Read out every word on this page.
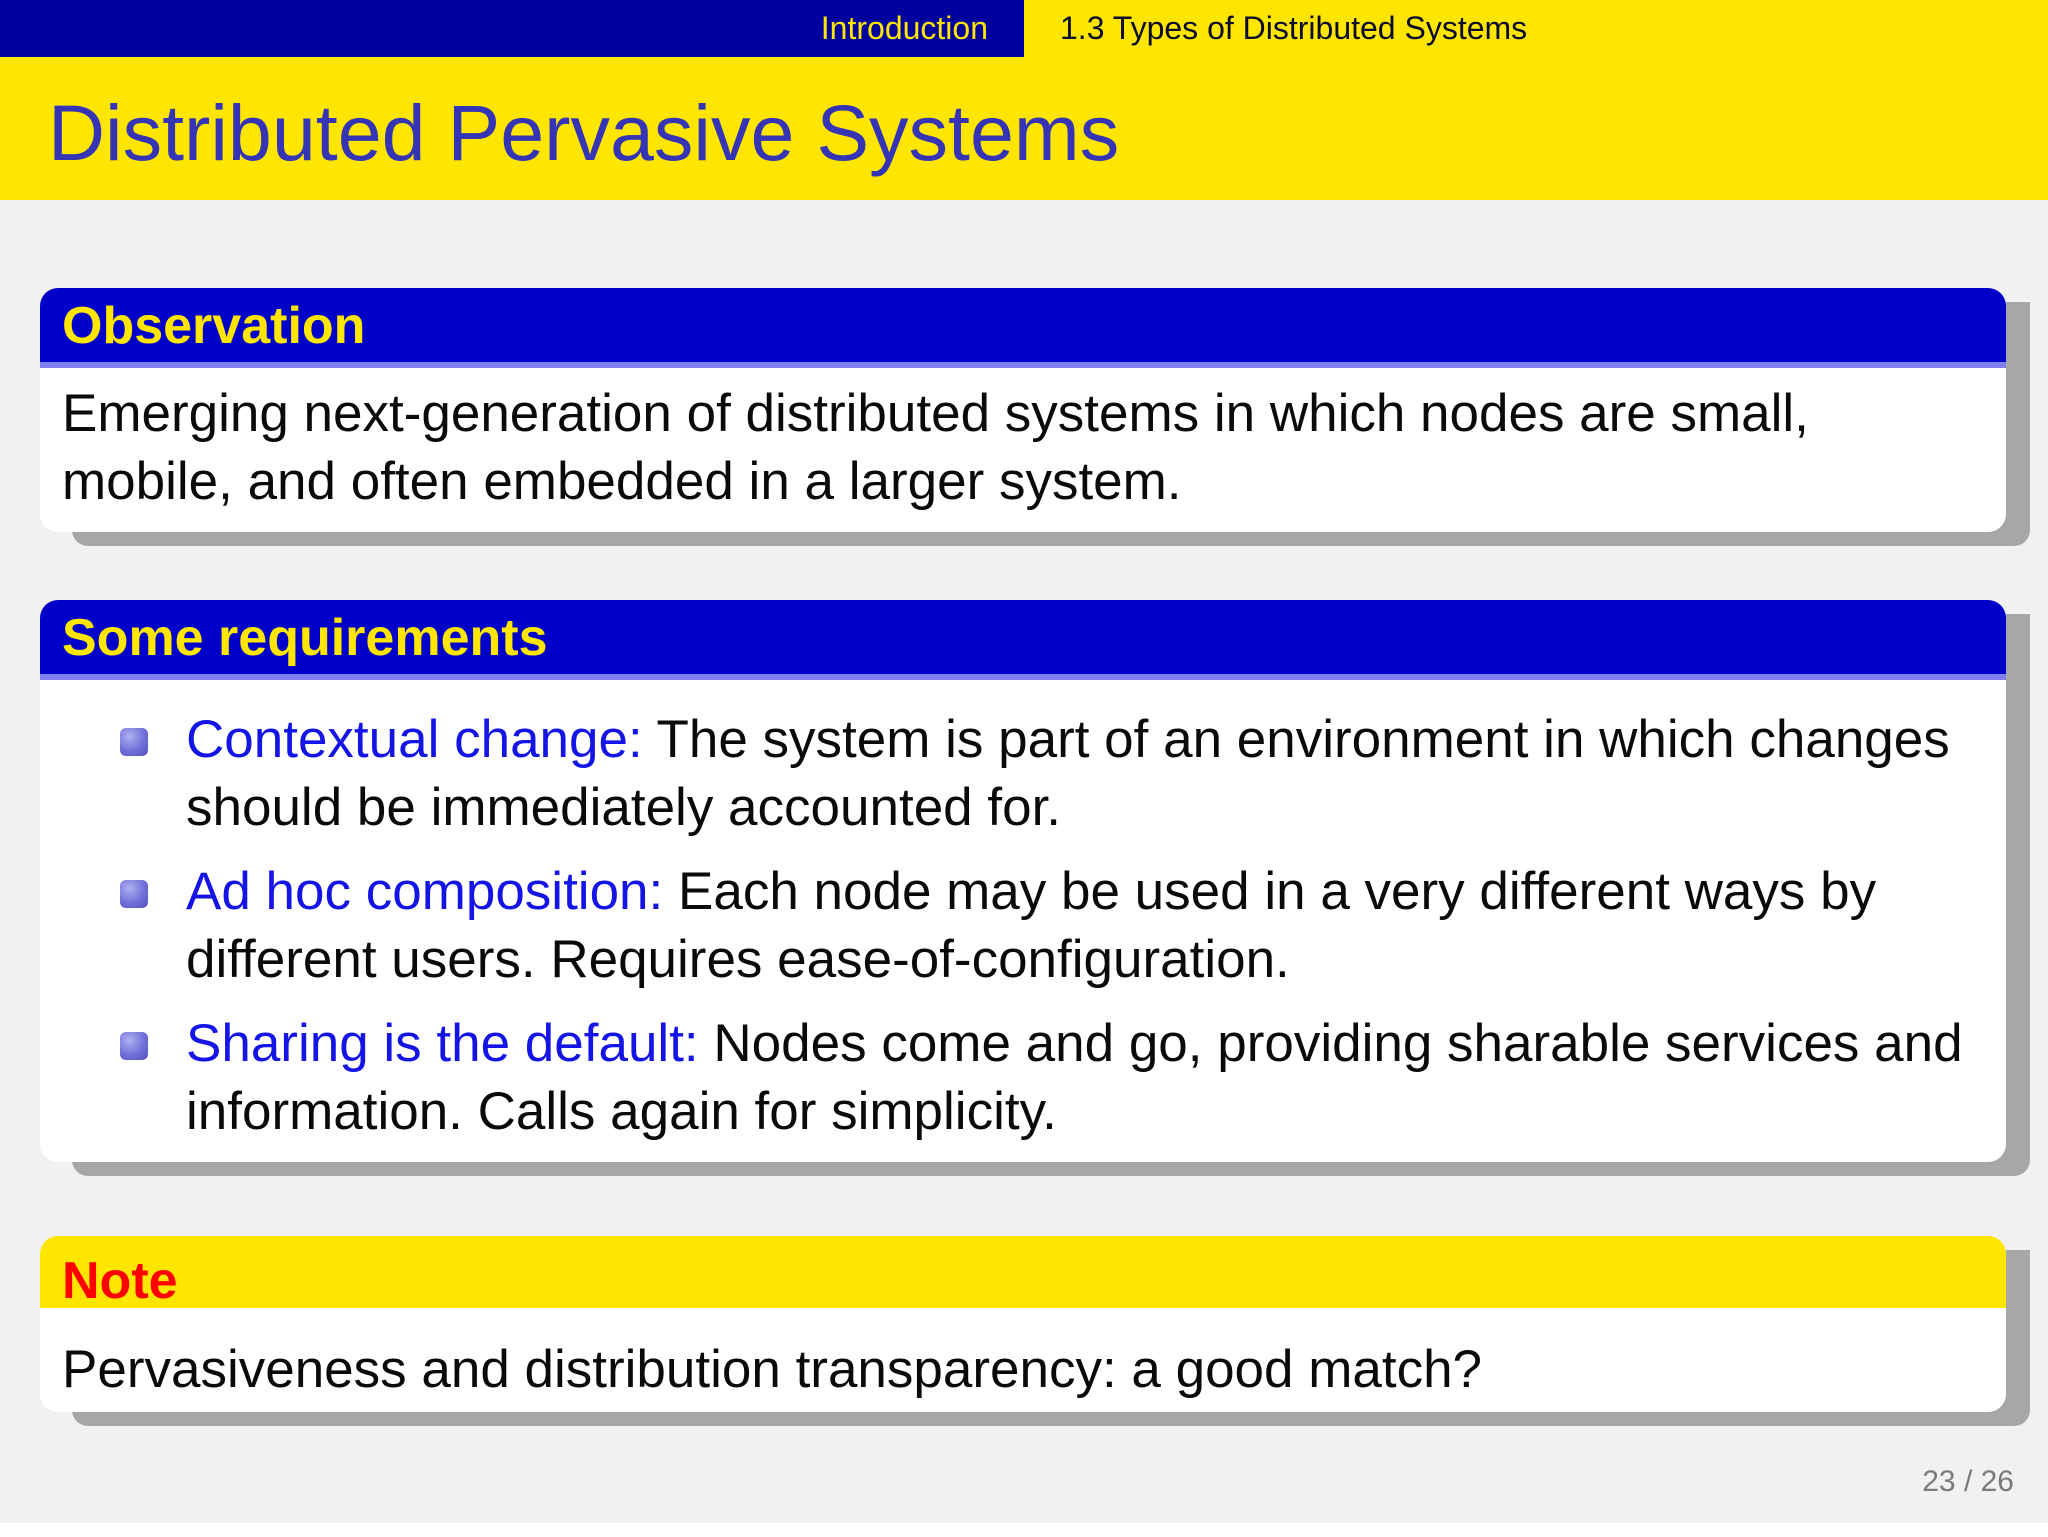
Introduction	1.3 Types of Distributed Systems
Distributed Pervasive Systems
Observation
Emerging next-generation of distributed systems in which nodes are small, mobile, and often embedded in a larger system.
Some requirements
Contextual change: The system is part of an environment in which changes should be immediately accounted for.
Ad hoc composition: Each node may be used in a very different ways by different users. Requires ease-of-configuration.
Sharing is the default: Nodes come and go, providing sharable services and information. Calls again for simplicity.
Note
Pervasiveness and distribution transparency: a good match?
23 / 26
